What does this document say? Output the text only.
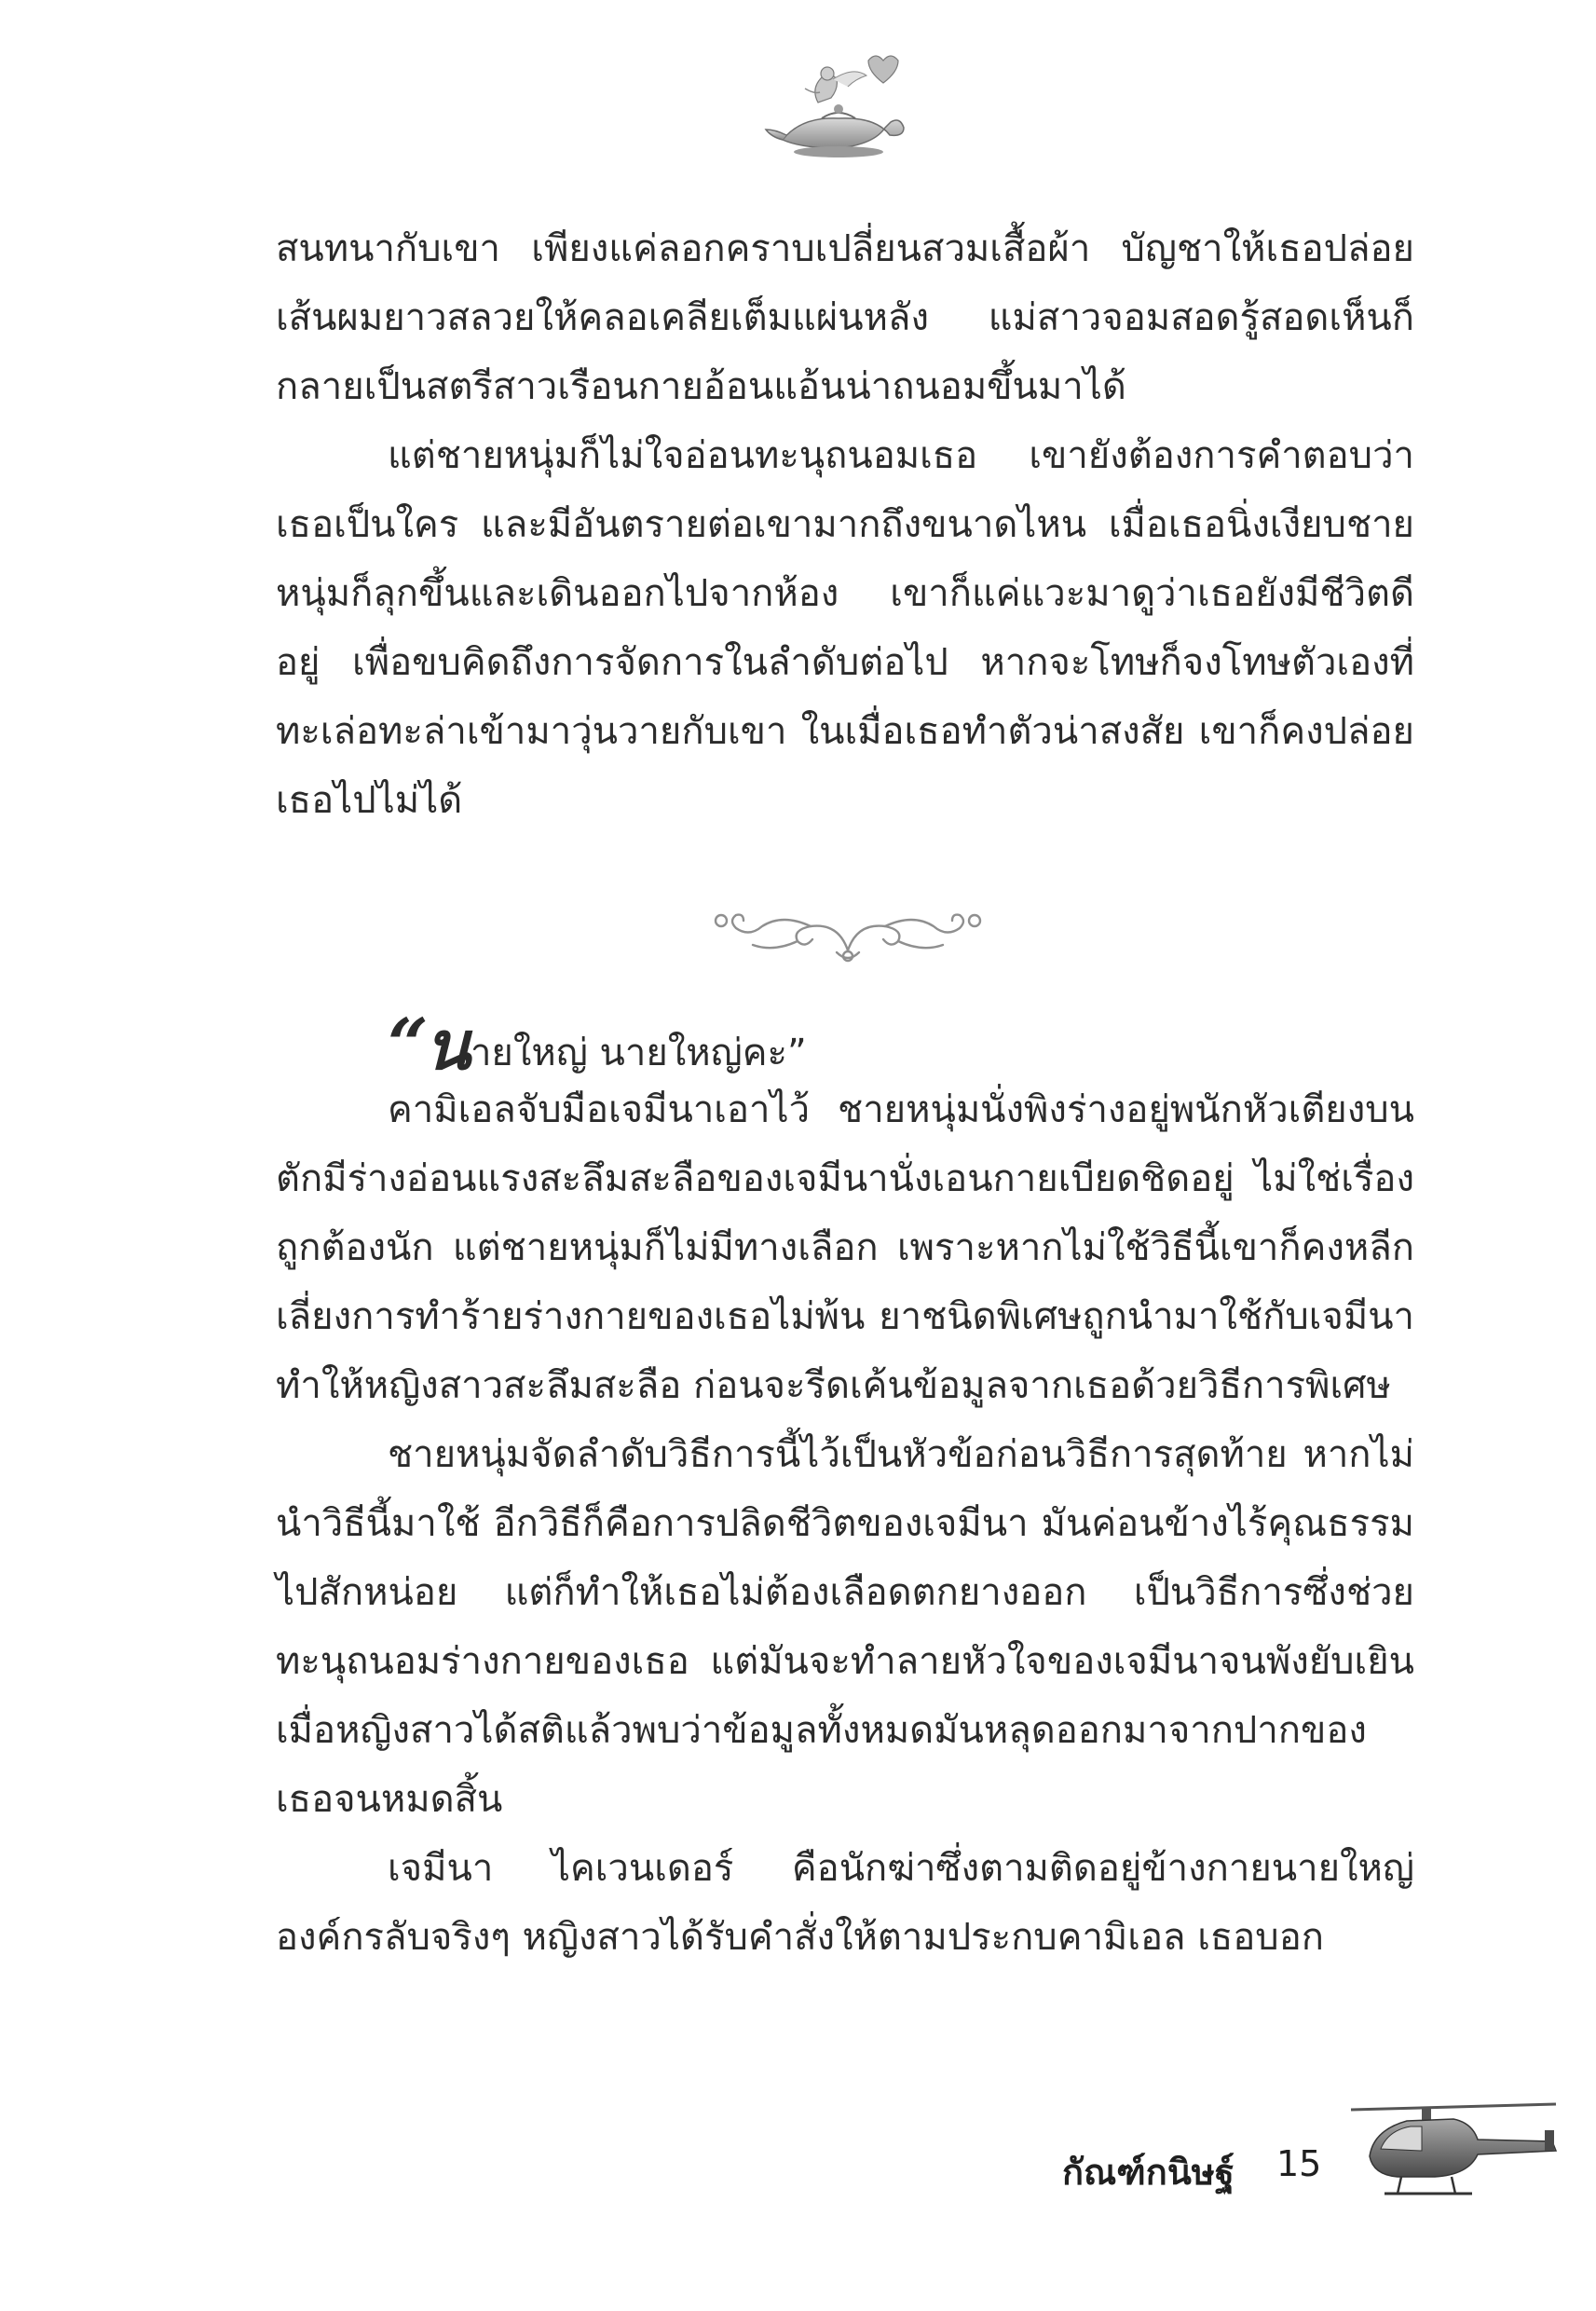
สนทนากับเขา เพียงแค่ลอกคราบเปลี่ยนสวมเสื้อผ้า บัญชาให้เธอปล่อยเส้นผมยาวสลวยให้คลอเคลียเต็มแผ่นหลัง แม่สาวจอมสอดรู้สอดเห็นก็กลายเป็นสตรีสาวเรือนกายอ้อนแอ้นน่าถนอมขึ้นมาได้

แต่ชายหนุ่มก็ไม่ใจอ่อนทะนุถนอมเธอ เขายังต้องการคำตอบว่าเธอเป็นใคร และมีอันตรายต่อเขามากถึงขนาดไหน เมื่อเธอนิ่งเงียบชายหนุ่มก็ลุกขึ้นและเดินออกไปจากห้อง เขาก็แค่แวะมาดูว่าเธอยังมีชีวิตดีอยู่ เพื่อขบคิดถึงการจัดการในลำดับต่อไป หากจะโทษก็จงโทษตัวเองที่ทะเล่อทะล่าเข้ามาวุ่นวายกับเขา ในเมื่อเธอทำตัวน่าสงสัย เขาก็คงปล่อยเธอไปไม่ได้

“นายใหญ่ นายใหญ่คะ”

คามิเอลจับมือเจมีนาเอาไว้ ชายหนุ่มนั่งพิงร่างอยู่พนักหัวเตียงบนตักมีร่างอ่อนแรงสะลึมสะลือของเจมีนานั่งเอนกายเบียดชิดอยู่ ไม่ใช่เรื่องถูกต้องนัก แต่ชายหนุ่มก็ไม่มีทางเลือก เพราะหากไม่ใช้วิธีนี้เขาก็คงหลีกเลี่ยงการทำร้ายร่างกายของเธอไม่พ้น ยาชนิดพิเศษถูกนำมาใช้กับเจมีนา ทำให้หญิงสาวสะลึมสะลือ ก่อนจะรีดเค้นข้อมูลจากเธอด้วยวิธีการพิเศษ

ชายหนุ่มจัดลำดับวิธีการนี้ไว้เป็นหัวข้อก่อนวิธีการสุดท้าย หากไม่นำวิธีนี้มาใช้ อีกวิธีก็คือการปลิดชีวิตของเจมีนา มันค่อนข้างไร้คุณธรรมไปสักหน่อย แต่ก็ทำให้เธอไม่ต้องเลือดตกยางออก เป็นวิธีการซึ่งช่วยทะนุถนอมร่างกายของเธอ แต่มันจะทำลายหัวใจของเจมีนาจนพังยับเยิน เมื่อหญิงสาวได้สติแล้วพบว่าข้อมูลทั้งหมดมันหลุดออกมาจากปากของเธอจนหมดสิ้น

เจมีนา ไคเวนเดอร์ คือนักฆ่าซึ่งตามติดอยู่ข้างกายนายใหญ่องค์กรลับจริงๆ หญิงสาวได้รับคำสั่งให้ตามประกบคามิเอล เธอบอก

กัณฑ์กนิษฐ์ 15
